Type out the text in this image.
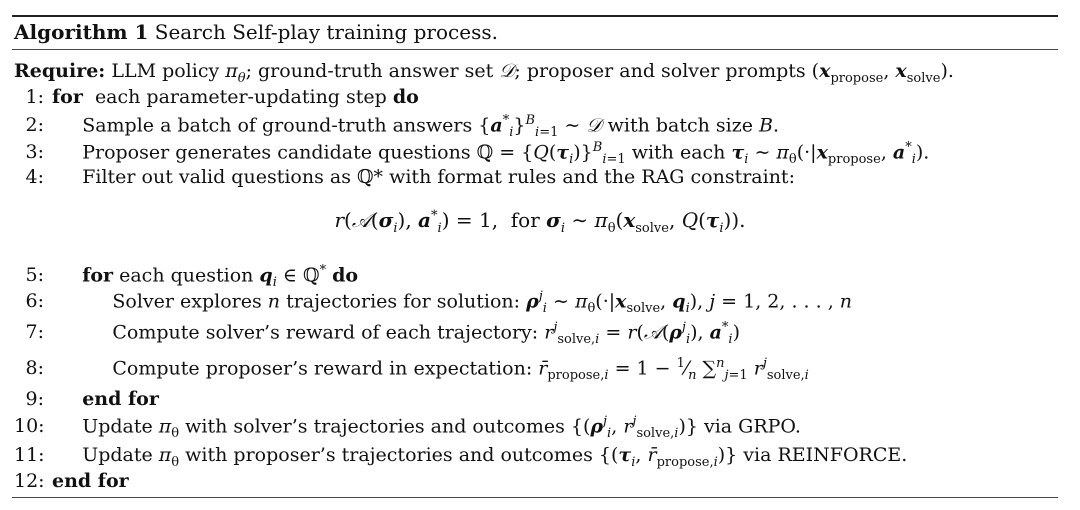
Algorithm 1 Search Self-play training process.
Require: LLM policy $\pi_\theta$; ground-truth answer set 𝒟; proposer and solver prompts ($x_{propose}$, $x_{solve}$).
1: for  each parameter-updating step do
2:     Sample a batch of ground-truth answers $\{a^*_i\}^B_{i=1}$ ∼ 𝒟 with batch size B.
3:     Proposer generates candidate questions ℚ = $\{Q(\tau_i)\}^B_{i=1}$ with each $\tau_i$ ∼ $\pi_\theta(\cdot|x_{propose}$, $a^*_i$).
4: Filter out valid questions as ℚ* with format rules and the RAG constraint:
$r(𝒜(\sigma_i)$, $a^*_i) = 1$,  for $\sigma_i$ ∼ $\pi_\theta(x_{solve}$, $Q(\tau_i)$).
5: for each question $q_i$ ∈ ℚ* do
6:          Solver explores n trajectories for solution: $\rho^j_i$ ∼ $\pi_\theta(\cdot|x_{solve}$, $q_i$), j = 1, 2, . . . , n
7:          Compute solver’s reward of each trajectory: $r^j_{solve,i}$ = $r(𝒜(\rho^j_i)$, $a^*_i$)
8:          Compute proposer’s reward in expectation: $r̄_{propose,i} = 1$ − $^1⁄_n$ ∑$^n_{j=1}$ $r^j_{solve,i}$
9: end for
10:     Update $\pi_\theta$ with solver’s trajectories and outcomes {($\rho^j_i$, $r^j_{solve,i}$)} via GRPO.
11:     Update $\pi_\theta$ with proposer’s trajectories and outcomes {($\tau_i$, $r̄_{propose,i}$)} via REINFORCE.
12: end for
